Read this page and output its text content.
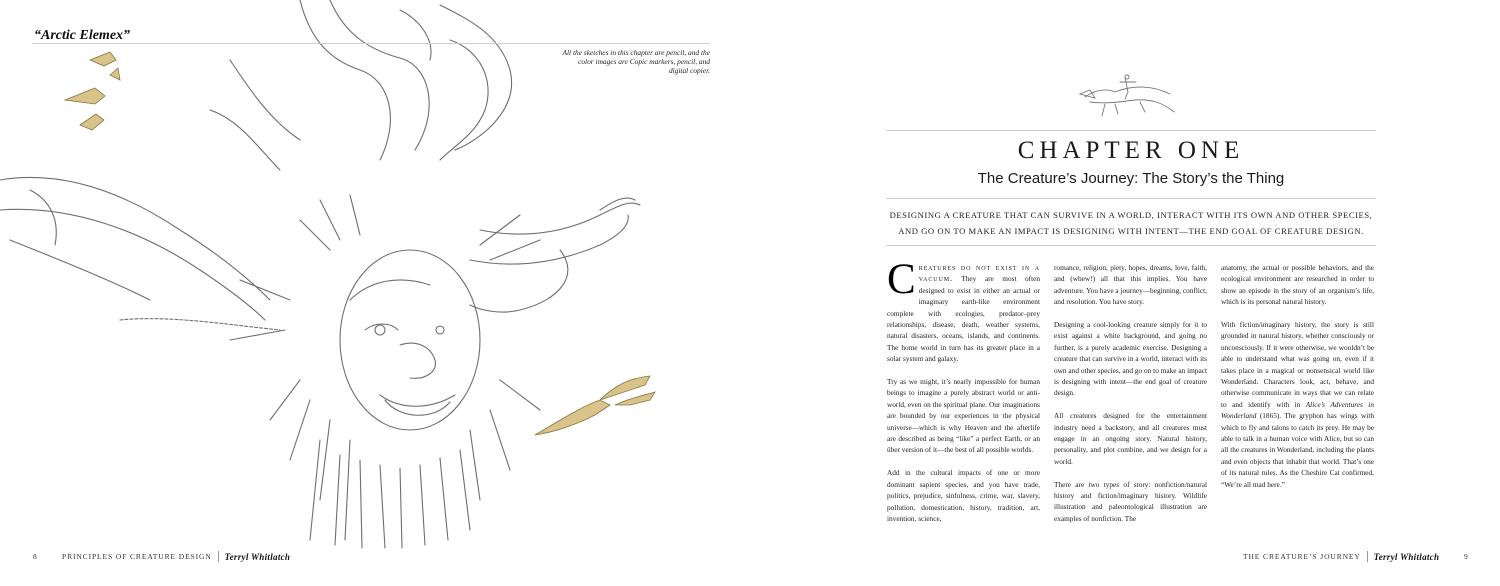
“Arctic Elemex”
All the sketches in this chapter are pencil, and the color images are Copic markers, pencil, and digital copier.
8	PRINCIPLES OF CREATURE DESIGN Terryl Whitlatch
CHAPTER ONE
The Creature’s Journey: The Story’s the Thing
DESIGNING A CREATURE THAT CAN SURVIVE IN A WORLD, INTERACT WITH ITS OWN AND OTHER SPECIES, AND GO ON TO MAKE AN IMPACT IS DESIGNING WITH INTENT—THE END GOAL OF CREATURE DESIGN.

Creatures do not exist in a vacuum. They are most often designed to exist in either an actual or imaginary earth-like environment complete with ecologies, predator–prey relationships, disease, death, weather systems, natural disasters, oceans, islands, and continents. The home world in turn has its greater place in a solar system and galaxy.

Try as we might, it’s nearly impossible for human beings to imagine a purely abstract world or anti-world, even on the spiritual plane. Our imaginations are bounded by our experiences in the physical universe—which is why Heaven and the afterlife are described as being “like” a perfect Earth, or an über version of it—the best of all possible worlds.

Add in the cultural impacts of one or more dominant sapient species, and you have trade, politics, prejudice, sinfulness, crime, war, slavery, pollution, domestication, history, tradition, art, invention, science,

romance, religion, piety, hopes, dreams, love, faith, and (whew!) all that this implies. You have adventure. You have a journey—beginning, conflict, and resolution. You have story.

Designing a cool-looking creature simply for it to exist against a white background, and going no further, is a purely academic exercise. Designing a creature that can survive in a world, interact with its own and other species, and go on to make an impact is designing with intent—the end goal of creature design.

All creatures designed for the entertainment industry need a backstory, and all creatures must engage in an ongoing story. Natural history, personality, and plot combine, and we design for a world.

There are two types of story: nonfiction/natural history and fiction/imaginary history. Wildlife illustration and paleontological illustration are examples of nonfiction. The

anatomy, the actual or possible behaviors, and the ecological environment are researched in order to show an episode in the story of an organism’s life, which is its personal natural history.

With fiction/imaginary history, the story is still grounded in natural history, whether consciously or unconsciously. If it were otherwise, we wouldn’t be able to understand what was going on, even if it takes place in a magical or nonsensical world like Wonderland. Characters look, act, behave, and otherwise communicate in ways that we can relate to and identify with in Alice’s Adventures in Wonderland (1865). The gryphon has wings with which to fly and talons to catch its prey. He may be able to talk in a human voice with Alice, but so can all the creatures in Wonderland, including the plants and even objects that inhabit that world. That’s one of its natural rules. As the Cheshire Cat confirmed, “We’re all mad here.”

THE CREATURE’S JOURNEY Terryl Whitlatch	9
